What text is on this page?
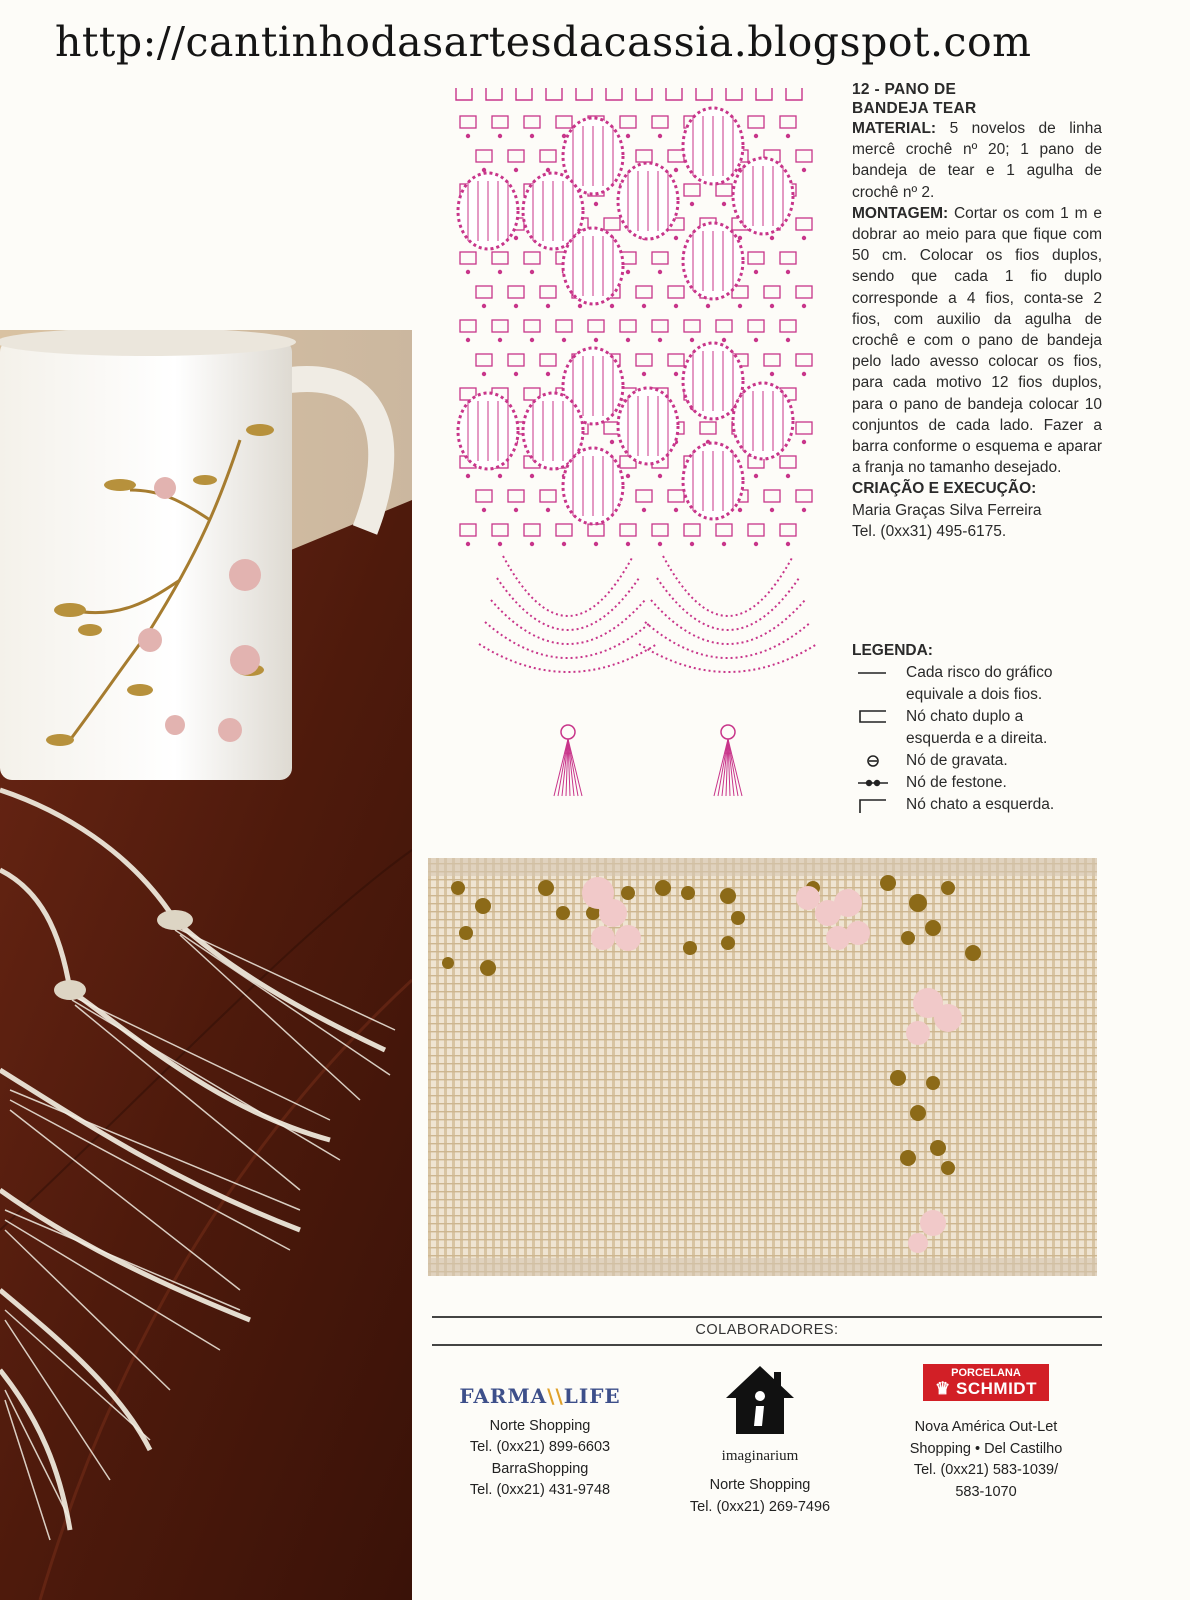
http://cantinhodasartesdacassia.blogspot.com
12 - PANO DE
BANDEJA TEAR
MATERIAL: 5 novelos de linha mercê crochê nº 20; 1 pano de bandeja de tear e 1 agulha de crochê nº 2.
MONTAGEM: Cortar os com 1 m e dobrar ao meio para que fique com 50 cm. Colocar os fios duplos, sendo que cada 1 fio duplo corresponde a 4 fios, conta-se 2 fios, com auxilio da agulha de crochê e com o pano de bandeja pelo lado avesso colocar os fios, para cada motivo 12 fios duplos, para o pano de bandeja colocar 10 conjuntos de cada lado. Fazer a barra conforme o esquema e aparar a franja no tamanho desejado.
CRIAÇÃO E EXECUÇÃO:
Maria Graças Silva Ferreira
Tel. (0xx31) 495-6175.
LEGENDA:
Cada risco do gráfico
equivale a dois fios.
Nó chato duplo a
esquerda e a direita.
Nó de gravata.
Nó de festone.
Nó chato a esquerda.
COLABORADORES:
FARMA\\LIFE
Norte Shopping
Tel. (0xx21) 899-6603
BarraShopping
Tel. (0xx21) 431-9748
imaginarium
Norte Shopping
Tel. (0xx21) 269-7496
PORCELANA
♛ SCHMIDT
Nova América Out-Let
Shopping • Del Castilho
Tel. (0xx21) 583-1039/
583-1070
